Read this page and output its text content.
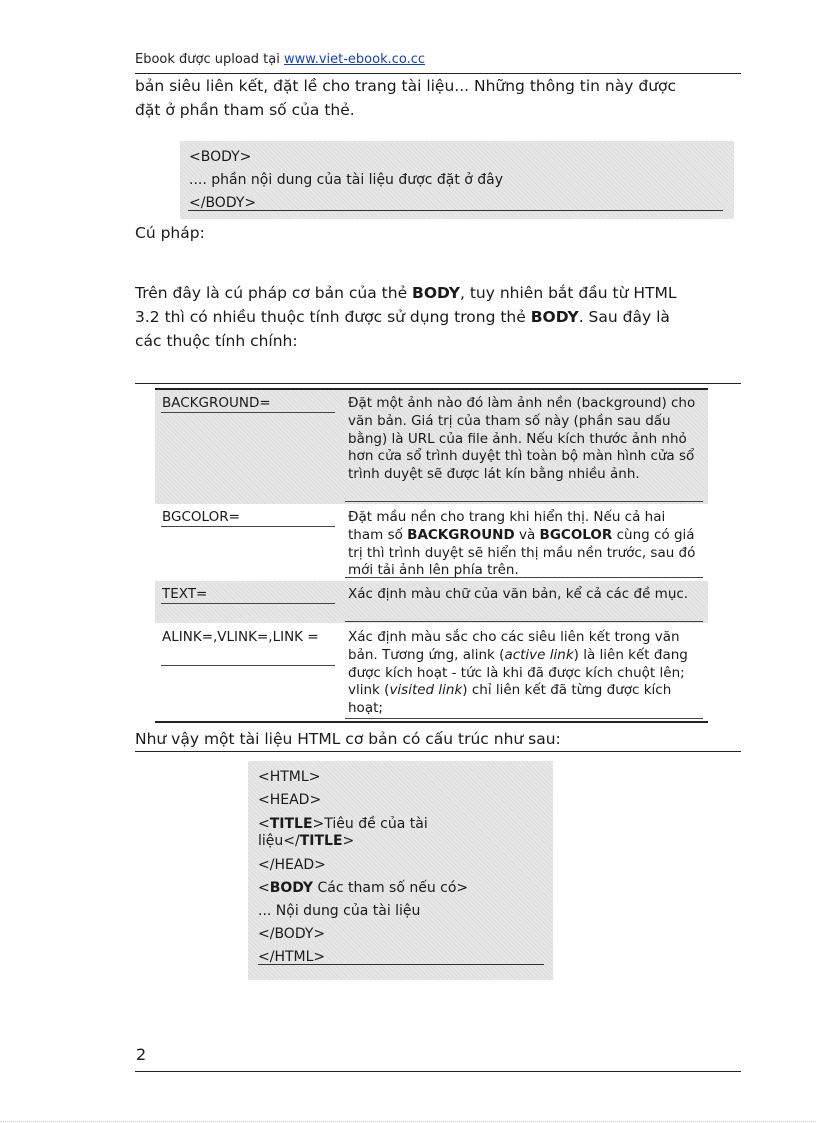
Ebook được upload tại www.viet-ebook.co.cc
bản siêu liên kết, đặt lề cho trang tài liệu... Những thông tin này được
đặt ở phần tham số của thẻ.
<BODY>
.... phần nội dung của tài liệu được đặt ở đây
</BODY>
Cú pháp:
Trên đây là cú pháp cơ bản của thẻ BODY, tuy nhiên bắt đầu từ HTML
3.2 thì có nhiều thuộc tính được sử dụng trong thẻ BODY. Sau đây là
các thuộc tính chính:
BACKGROUND=	Đặt một ảnh nào đó làm ảnh nền (background) cho văn bản. Giá trị của tham số này (phần sau dấu bằng) là URL của file ảnh. Nếu kích thước ảnh nhỏ hơn cửa sổ trình duyệt thì toàn bộ màn hình cửa sổ trình duyệt sẽ được lát kín bằng nhiều ảnh.
BGCOLOR=	Đặt mầu nền cho trang khi hiển thị. Nếu cả hai tham số BACKGROUND và BGCOLOR cùng có giá trị thì trình duyệt sẽ hiển thị mầu nền trước, sau đó mới tải ảnh lên phía trên.
TEXT=	Xác định màu chữ của văn bản, kể cả các đề mục.
ALINK=,VLINK=,LINK =	Xác định màu sắc cho các siêu liên kết trong văn bản. Tương ứng, alink (active link) là liên kết đang được kích hoạt - tức là khi đã được kích chuột lên; vlink (visited link) chỉ liên kết đã từng được kích hoạt;
Như vậy một tài liệu HTML cơ bản có cấu trúc như sau:
<HTML>
<HEAD>
<TITLE>Tiêu đề của tài
liệu</TITLE>
</HEAD>
<BODY Các tham số nếu có>
... Nội dung của tài liệu
</BODY>
</HTML>
2
